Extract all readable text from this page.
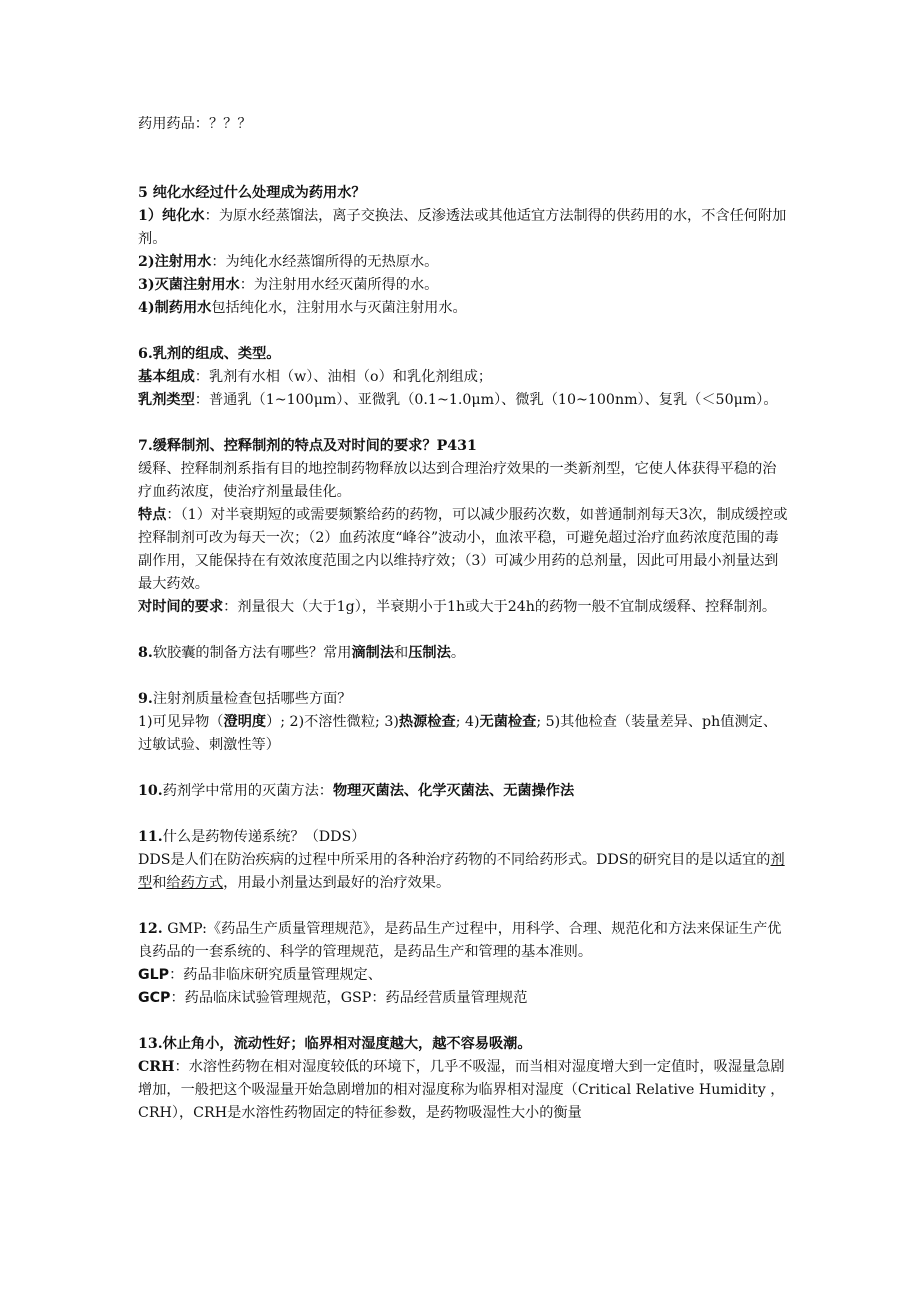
药用药品：？？？

5 纯化水经过什么处理成为药用水？

1）纯化水：为原水经蒸馏法，离子交换法、反渗透法或其他适宜方法制得的供药用的水，不含任何附加剂。

2)注射用水：为纯化水经蒸馏所得的无热原水。

3)灭菌注射用水：为注射用水经灭菌所得的水。

4)制药用水包括纯化水，注射用水与灭菌注射用水。

6.乳剂的组成、类型。

基本组成：乳剂有水相（w）、油相（o）和乳化剂组成；

乳剂类型：普通乳（1~100μm）、亚微乳（0.1~1.0μm）、微乳（10~100nm）、复乳（＜50μm）。

7.缓释制剂、控释制剂的特点及对时间的要求？P431

缓释、控释制剂系指有目的地控制药物释放以达到合理治疗效果的一类新剂型，它使人体获得平稳的治疗血药浓度，使治疗剂量最佳化。

特点：（1）对半衰期短的或需要频繁给药的药物，可以减少服药次数，如普通制剂每天3次，制成缓控或控释制剂可改为每天一次；（2）血药浓度“峰谷”波动小，血浓平稳，可避免超过治疗血药浓度范围的毒副作用，又能保持在有效浓度范围之内以维持疗效；（3）可减少用药的总剂量，因此可用最小剂量达到最大药效。

对时间的要求：剂量很大（大于1g），半衰期小于1h或大于24h的药物一般不宜制成缓释、控释制剂。

8.软胶囊的制备方法有哪些？常用滴制法和压制法。

9.注射剂质量检查包括哪些方面？

1)可见异物（澄明度）; 2)不溶性微粒; 3)热源检查; 4)无菌检查; 5)其他检查（装量差异、ph值测定、过敏试验、刺激性等）

10.药剂学中常用的灭菌方法：物理灭菌法、化学灭菌法、无菌操作法

11.什么是药物传递系统？（DDS）

DDS是人们在防治疾病的过程中所采用的各种治疗药物的不同给药形式。DDS的研究目的是以适宜的剂型和给药方式，用最小剂量达到最好的治疗效果。

12. GMP:《药品生产质量管理规范》，是药品生产过程中，用科学、合理、规范化和方法来保证生产优良药品的一套系统的、科学的管理规范，是药品生产和管理的基本准则。

GLP：药品非临床研究质量管理规定、

GCP：药品临床试验管理规范，GSP：药品经营质量管理规范

13.休止角小，流动性好；临界相对湿度越大，越不容易吸潮。

CRH：水溶性药物在相对湿度较低的环境下，几乎不吸湿，而当相对湿度增大到一定值时，吸湿量急剧增加，一般把这个吸湿量开始急剧增加的相对湿度称为临界相对湿度（Critical Relative Humidity ，CRH），CRH是水溶性药物固定的特征参数，是药物吸湿性大小的衡量
